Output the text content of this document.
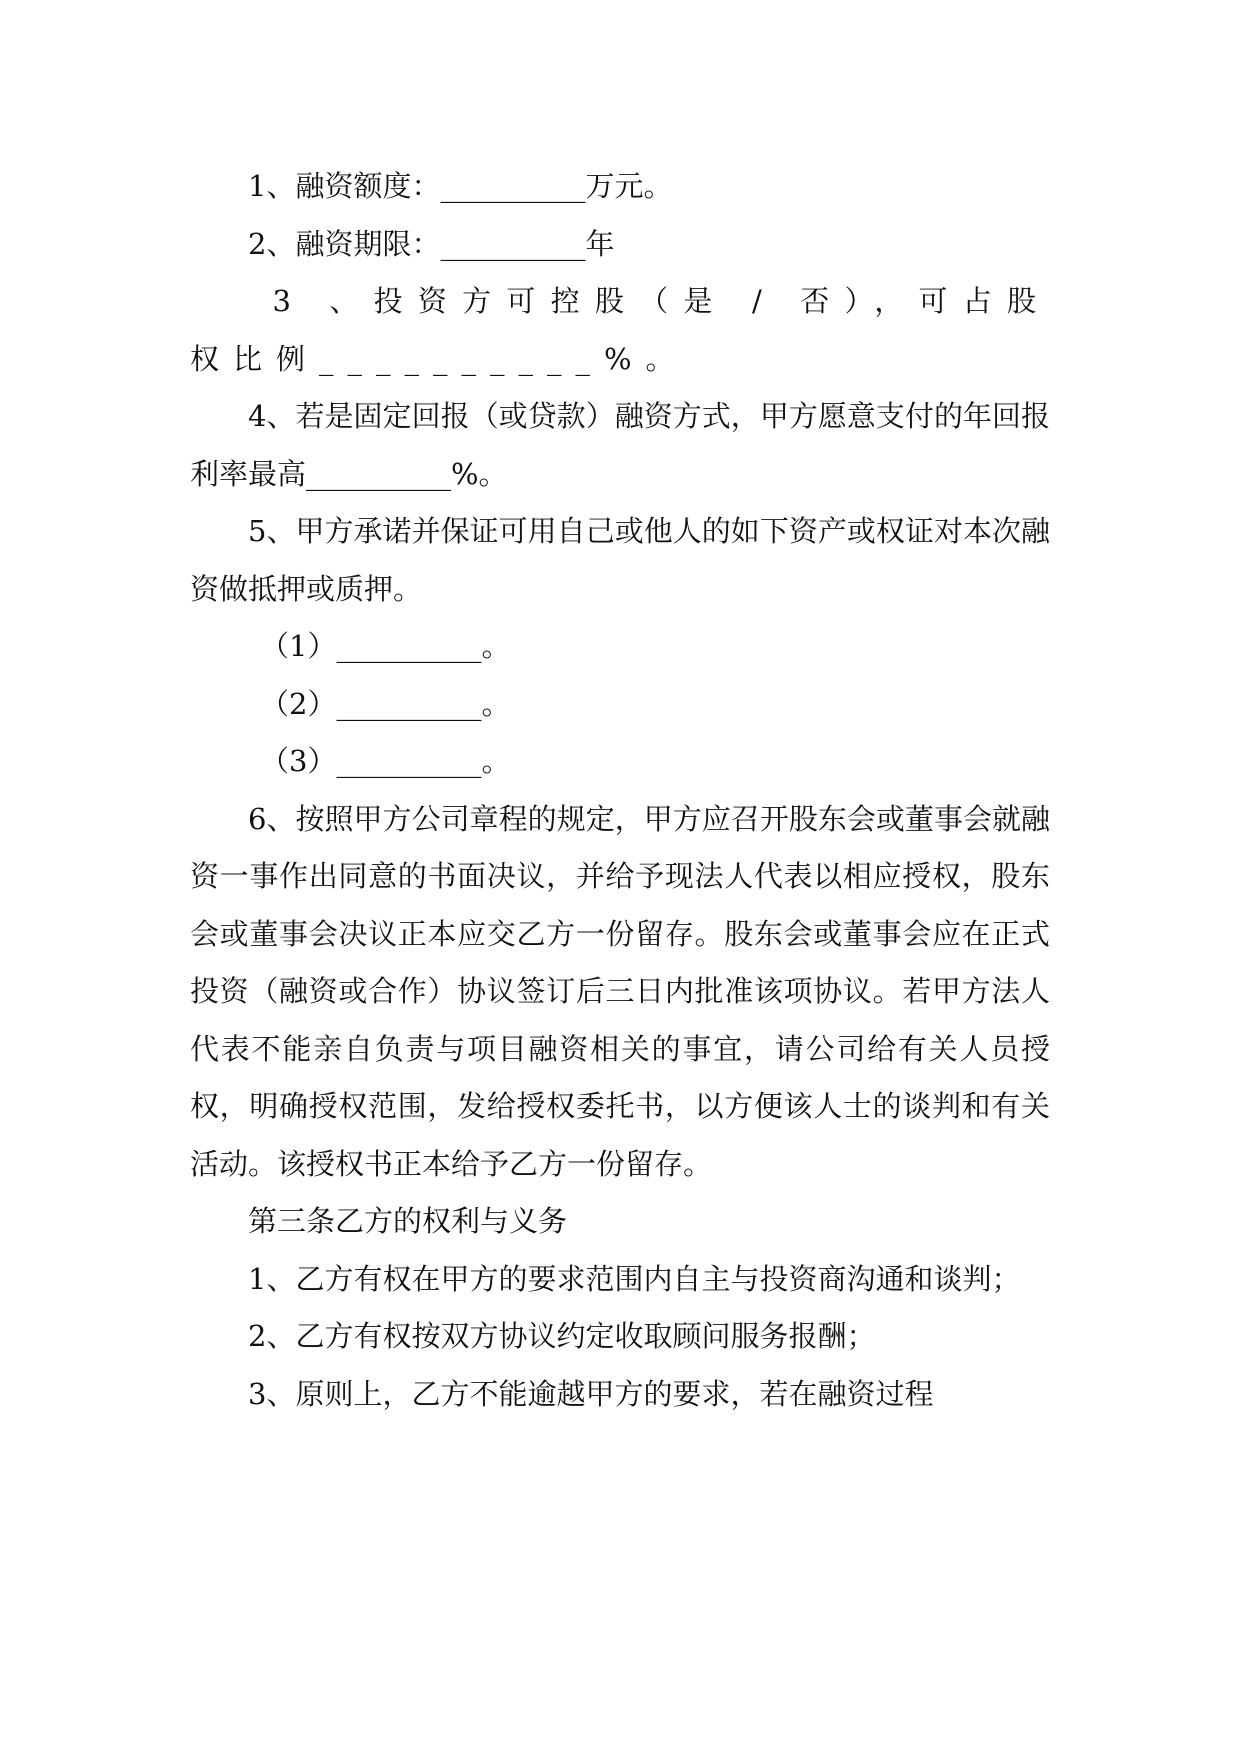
1、融资额度：__________万元。

2、融资期限：__________年

3 、投资方可控股（是 / 否），可占股权比例__________%。

4、若是固定回报（或贷款）融资方式，甲方愿意支付的年回报利率最高__________%。

5、甲方承诺并保证可用自己或他人的如下资产或权证对本次融资做抵押或质押。

（1）__________。

（2）__________。

（3）__________。

6、按照甲方公司章程的规定，甲方应召开股东会或董事会就融资一事作出同意的书面决议，并给予现法人代表以相应授权，股东会或董事会决议正本应交乙方一份留存。股东会或董事会应在正式投资（融资或合作）协议签订后三日内批准该项协议。若甲方法人代表不能亲自负责与项目融资相关的事宜，请公司给有关人员授权，明确授权范围，发给授权委托书，以方便该人士的谈判和有关活动。该授权书正本给予乙方一份留存。

第三条乙方的权利与义务

1、乙方有权在甲方的要求范围内自主与投资商沟通和谈判；

2、乙方有权按双方协议约定收取顾问服务报酬；

3、原则上，乙方不能逾越甲方的要求，若在融资过程
